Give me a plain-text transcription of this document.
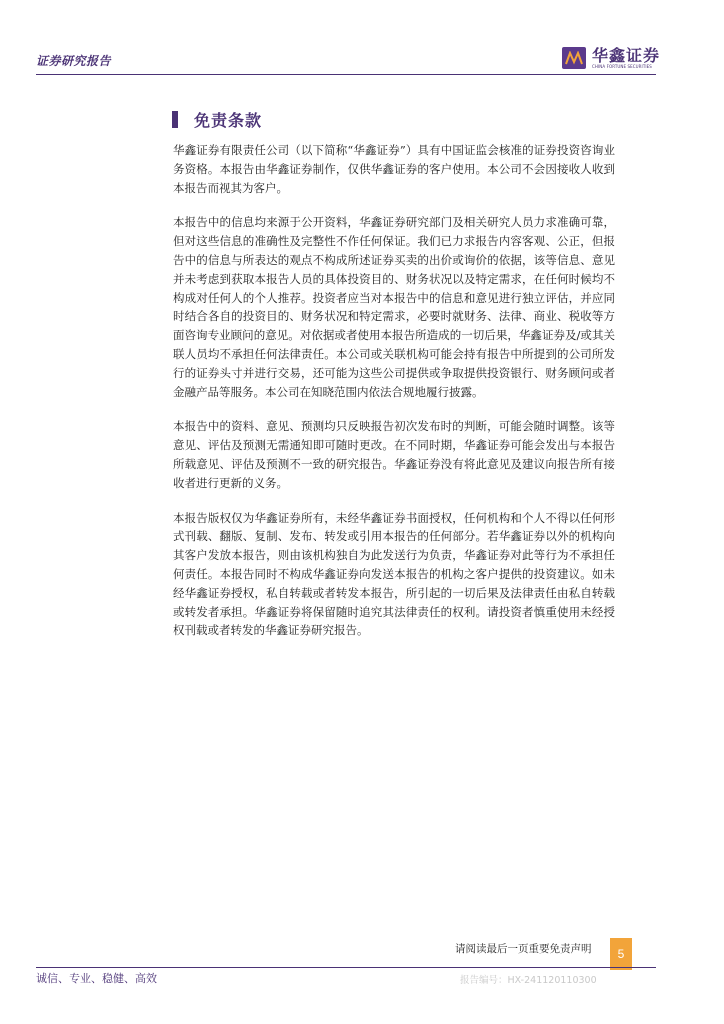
证券研究报告	华鑫证券
CHINA FORTUNE SECURITIES
免责条款

华鑫证券有限责任公司（以下简称“华鑫证券”）具有中国证监会核准的证券投资咨询业务资格。本报告由华鑫证券制作，仅供华鑫证券的客户使用。本公司不会因接收人收到本报告而视其为客户。

本报告中的信息均来源于公开资料，华鑫证券研究部门及相关研究人员力求准确可靠，但对这些信息的准确性及完整性不作任何保证。我们已力求报告内容客观、公正，但报告中的信息与所表达的观点不构成所述证券买卖的出价或询价的依据，该等信息、意见并未考虑到获取本报告人员的具体投资目的、财务状况以及特定需求，在任何时候均不构成对任何人的个人推荐。投资者应当对本报告中的信息和意见进行独立评估，并应同时结合各自的投资目的、财务状况和特定需求，必要时就财务、法律、商业、税收等方面咨询专业顾问的意见。对依据或者使用本报告所造成的一切后果，华鑫证券及/或其关联人员均不承担任何法律责任。本公司或关联机构可能会持有报告中所提到的公司所发行的证券头寸并进行交易，还可能为这些公司提供或争取提供投资银行、财务顾问或者金融产品等服务。本公司在知晓范围内依法合规地履行披露。

本报告中的资料、意见、预测均只反映报告初次发布时的判断，可能会随时调整。该等意见、评估及预测无需通知即可随时更改。在不同时期，华鑫证券可能会发出与本报告所载意见、评估及预测不一致的研究报告。华鑫证券没有将此意见及建议向报告所有接收者进行更新的义务。

本报告版权仅为华鑫证券所有，未经华鑫证券书面授权，任何机构和个人不得以任何形式刊载、翻版、复制、发布、转发或引用本报告的任何部分。若华鑫证券以外的机构向其客户发放本报告，则由该机构独自为此发送行为负责，华鑫证券对此等行为不承担任何责任。本报告同时不构成华鑫证券向发送本报告的机构之客户提供的投资建议。如未经华鑫证券授权，私自转载或者转发本报告，所引起的一切后果及法律责任由私自转载或转发者承担。华鑫证券将保留随时追究其法律责任的权利。请投资者慎重使用未经授权刊载或者转发的华鑫证券研究报告。

请阅读最后一页重要免责声明	5
诚信、专业、稳健、高效	报告编号：HX-241120110300
